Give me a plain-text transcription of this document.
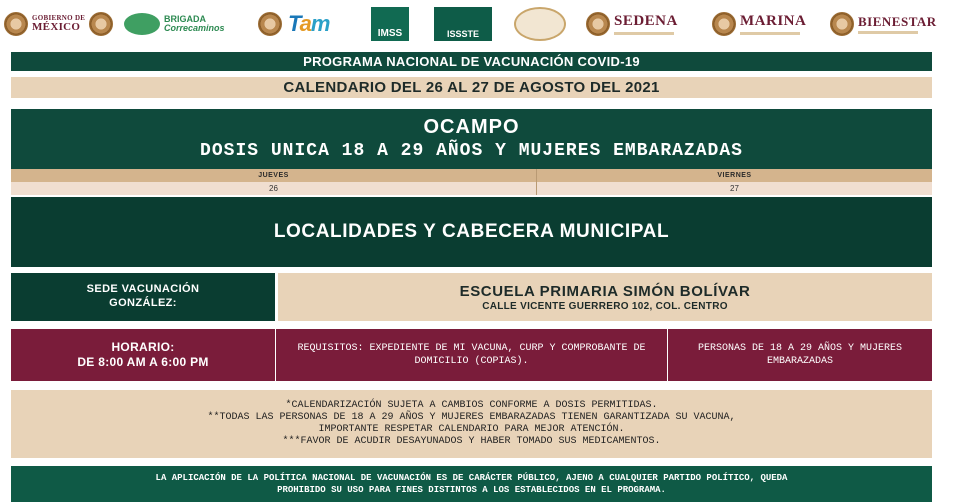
GOBIERNO DE
MÉXICO
BRIGADA
Correcaminos	Tam	IMSS	ISSSTE
SEDENA	MARINA	BIENESTAR
PROGRAMA NACIONAL DE VACUNACIÓN COVID-19
CALENDARIO DEL 26 AL 27 DE AGOSTO DEL 2021
OCAMPO
DOSIS UNICA 18 A 29 AÑOS Y MUJERES EMBARAZADAS
JUEVES
26
VIERNES
27
LOCALIDADES Y CABECERA MUNICIPAL
SEDE VACUNACIÓN
GONZÁLEZ:
ESCUELA PRIMARIA SIMÓN BOLÍVAR
CALLE VICENTE GUERRERO 102, COL. CENTRO
HORARIO:
DE 8:00 AM A 6:00 PM
REQUISITOS: EXPEDIENTE DE MI VACUNA, CURP Y COMPROBANTE DE DOMICILIO (COPIAS).
PERSONAS DE 18 A 29 AÑOS Y MUJERES EMBARAZADAS
*CALENDARIZACIÓN SUJETA A CAMBIOS CONFORME A DOSIS PERMITIDAS.
**TODAS LAS PERSONAS DE 18 A 29 AÑOS Y MUJERES EMBARAZADAS TIENEN GARANTIZADA SU VACUNA,
IMPORTANTE RESPETAR CALENDARIO PARA MEJOR ATENCIÓN.
***FAVOR DE ACUDIR DESAYUNADOS Y HABER TOMADO SUS MEDICAMENTOS.
LA APLICACIÓN DE LA POLÍTICA NACIONAL DE VACUNACIÓN ES DE CARÁCTER PÚBLICO, AJENO A CUALQUIER PARTIDO POLÍTICO, QUEDA
PROHIBIDO SU USO PARA FINES DISTINTOS A LOS ESTABLECIDOS EN EL PROGRAMA.
